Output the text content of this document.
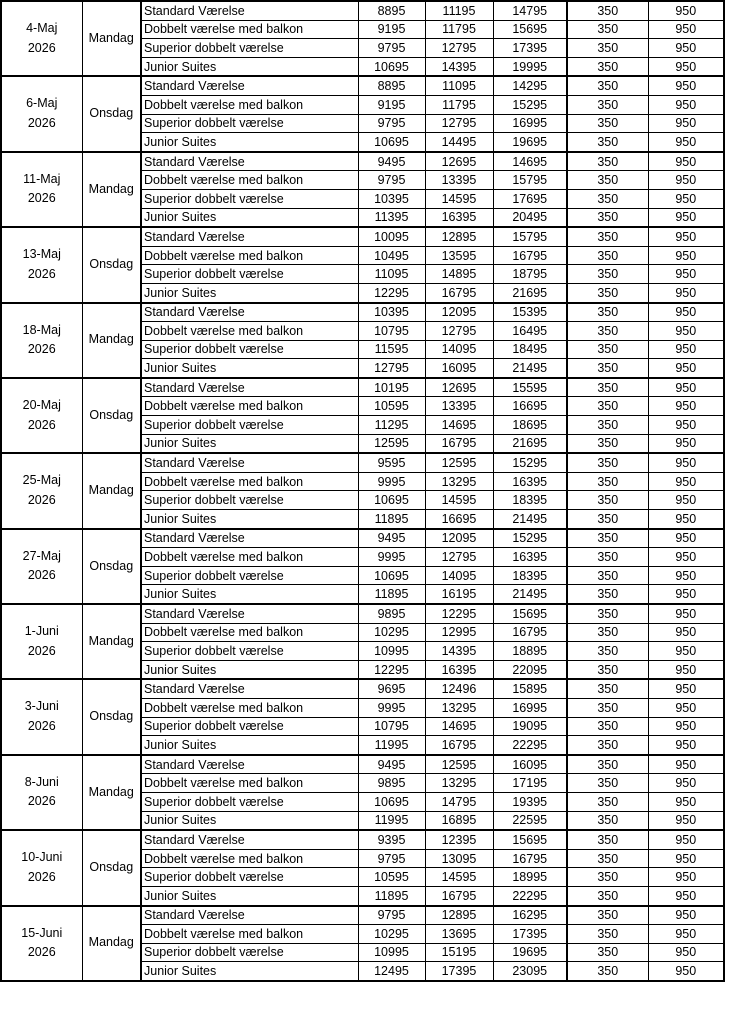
4-Maj
2026	Mandag	Standard Værelse	8895	11195	14795	350	950
		Dobbelt værelse med balkon	9195	11795	15695	350	950
		Superior dobbelt værelse	9795	12795	17395	350	950
		Junior Suites	10695	14395	19995	350	950

6-Maj
2026	Onsdag	Standard Værelse	8895	11095	14295	350	950
		Dobbelt værelse med balkon	9195	11795	15295	350	950
		Superior dobbelt værelse	9795	12795	16995	350	950
		Junior Suites	10695	14495	19695	350	950

11-Maj
2026	Mandag	Standard Værelse	9495	12695	14695	350	950
		Dobbelt værelse med balkon	9795	13395	15795	350	950
		Superior dobbelt værelse	10395	14595	17695	350	950
		Junior Suites	11395	16395	20495	350	950

13-Maj
2026	Onsdag	Standard Værelse	10095	12895	15795	350	950
		Dobbelt værelse med balkon	10495	13595	16795	350	950
		Superior dobbelt værelse	11095	14895	18795	350	950
		Junior Suites	12295	16795	21695	350	950

18-Maj
2026	Mandag	Standard Værelse	10395	12095	15395	350	950
		Dobbelt værelse med balkon	10795	12795	16495	350	950
		Superior dobbelt værelse	11595	14095	18495	350	950
		Junior Suites	12795	16095	21495	350	950

20-Maj
2026	Onsdag	Standard Værelse	10195	12695	15595	350	950
		Dobbelt værelse med balkon	10595	13395	16695	350	950
		Superior dobbelt værelse	11295	14695	18695	350	950
		Junior Suites	12595	16795	21695	350	950

25-Maj
2026	Mandag	Standard Værelse	9595	12595	15295	350	950
		Dobbelt værelse med balkon	9995	13295	16395	350	950
		Superior dobbelt værelse	10695	14595	18395	350	950
		Junior Suites	11895	16695	21495	350	950

27-Maj
2026	Onsdag	Standard Værelse	9495	12095	15295	350	950
		Dobbelt værelse med balkon	9995	12795	16395	350	950
		Superior dobbelt værelse	10695	14095	18395	350	950
		Junior Suites	11895	16195	21495	350	950

1-Juni
2026	Mandag	Standard Værelse	9895	12295	15695	350	950
		Dobbelt værelse med balkon	10295	12995	16795	350	950
		Superior dobbelt værelse	10995	14395	18895	350	950
		Junior Suites	12295	16395	22095	350	950

3-Juni
2026	Onsdag	Standard Værelse	9695	12496	15895	350	950
		Dobbelt værelse med balkon	9995	13295	16995	350	950
		Superior dobbelt værelse	10795	14695	19095	350	950
		Junior Suites	11995	16795	22295	350	950

8-Juni
2026	Mandag	Standard Værelse	9495	12595	16095	350	950
		Dobbelt værelse med balkon	9895	13295	17195	350	950
		Superior dobbelt værelse	10695	14795	19395	350	950
		Junior Suites	11995	16895	22595	350	950

10-Juni
2026	Onsdag	Standard Værelse	9395	12395	15695	350	950
		Dobbelt værelse med balkon	9795	13095	16795	350	950
		Superior dobbelt værelse	10595	14595	18995	350	950
		Junior Suites	11895	16795	22295	350	950

15-Juni
2026	Mandag	Standard Værelse	9795	12895	16295	350	950
		Dobbelt værelse med balkon	10295	13695	17395	350	950
		Superior dobbelt værelse	10995	15195	19695	350	950
		Junior Suites	12495	17395	23095	350	950
